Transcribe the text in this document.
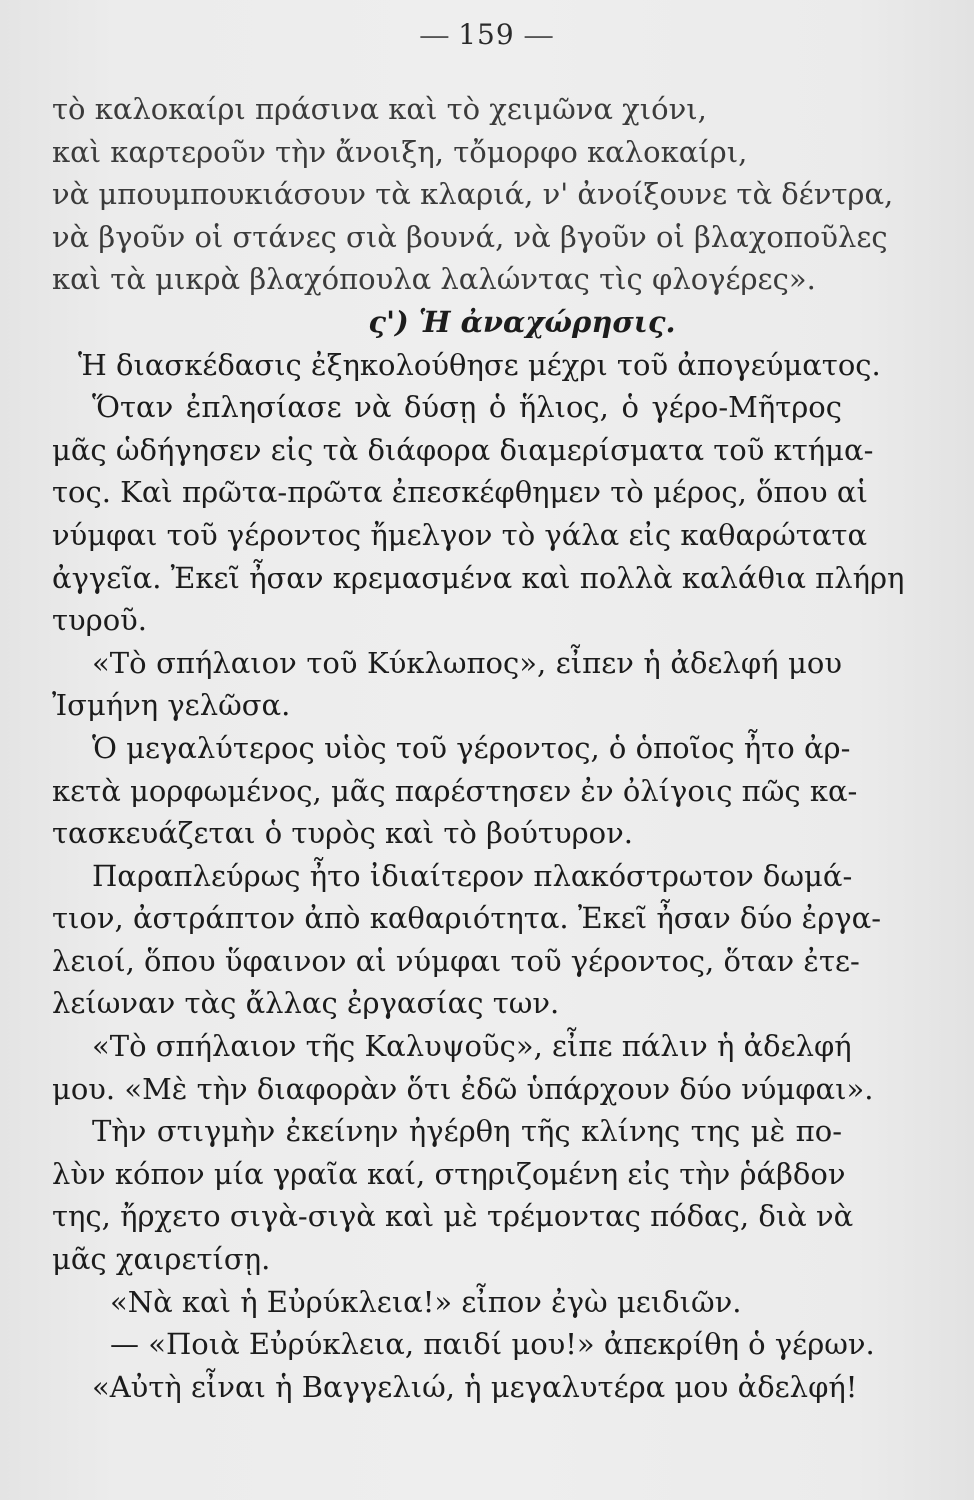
— 159 —
τὸ καλοκαίρι πράσινα καὶ τὸ χειμῶνα χιόνι,
καὶ καρτεροῦν τὴν ἄνοιξη, τὄμορφο καλοκαίρι,
νὰ μπουμπουκιάσουν τὰ κλαριά, ν' ἀνοίξουνε τὰ δέντρα,
νὰ βγοῦν οἱ στάνες σιὰ βουνά, νὰ βγοῦν οἱ βλαχοποῦλες
καὶ τὰ μικρὰ βλαχόπουλα λαλώντας τὶς φλογέρες».
ς') Ἡ ἀναχώρησις.
Ἡ διασκέδασις ἐξηκολούθησε μέχρι τοῦ ἀπογεύματος.
Ὅταν ἐπλησίασε νὰ δύσῃ ὁ ἥλιος, ὁ γέρο-Μῆτρος
μᾶς ὡδήγησεν εἰς τὰ διάφορα διαμερίσματα τοῦ κτήμα-
τος. Καὶ πρῶτα-πρῶτα ἐπεσκέφθημεν τὸ μέρος, ὅπου αἱ
νύμφαι τοῦ γέροντος ἤμελγον τὸ γάλα εἰς καθαρώτατα
ἀγγεῖα. Ἐκεῖ ἦσαν κρεμασμένα καὶ πολλὰ καλάθια πλήρη
τυροῦ.
«Τὸ σπήλαιον τοῦ Κύκλωπος», εἶπεν ἡ ἀδελφή μου
Ἰσμήνη γελῶσα.
Ὁ μεγαλύτερος υἱὸς τοῦ γέροντος, ὁ ὁποῖος ἦτο ἀρ-
κετὰ μορφωμένος, μᾶς παρέστησεν ἐν ὀλίγοις πῶς κα-
τασκευάζεται ὁ τυρὸς καὶ τὸ βούτυρον.
Παραπλεύρως ἦτο ἰδιαίτερον πλακόστρωτον δωμά-
τιον, ἀστράπτον ἀπὸ καθαριότητα. Ἐκεῖ ἦσαν δύο ἐργα-
λειοί, ὅπου ὕφαινον αἱ νύμφαι τοῦ γέροντος, ὅταν ἐτε-
λείωναν τὰς ἄλλας ἐργασίας των.
«Τὸ σπήλαιον τῆς Καλυψοῦς», εἶπε πάλιν ἡ ἀδελφή
μου. «Μὲ τὴν διαφορὰν ὅτι ἐδῶ ὑπάρχουν δύο νύμφαι».
Τὴν στιγμὴν ἐκείνην ἠγέρθη τῆς κλίνης της μὲ πο-
λὺν κόπον μία γραῖα καί, στηριζομένη εἰς τὴν ῥάβδον
της, ἤρχετο σιγὰ-σιγὰ καὶ μὲ τρέμοντας πόδας, διὰ νὰ
μᾶς χαιρετίσῃ.
«Νὰ καὶ ἡ Εὐρύκλεια!» εἶπον ἐγὼ μειδιῶν.
— «Ποιὰ Εὐρύκλεια, παιδί μου!» ἀπεκρίθη ὁ γέρων.
«Αὐτὴ εἶναι ἡ Βαγγελιώ, ἡ μεγαλυτέρα μου ἀδελφή!
